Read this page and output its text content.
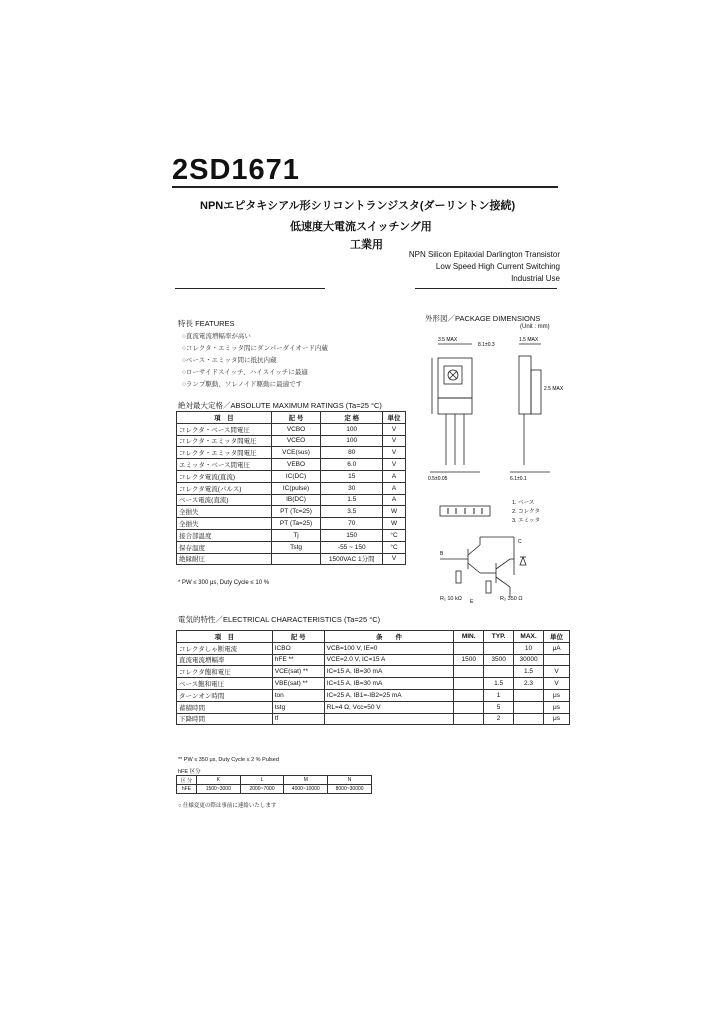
2SD1671
NPNエピタキシアル形シリコントランジスタ(ダーリントン接続)
低速度大電流スイッチング用
工業用
NPN Silicon Epitaxial Darlington Transistor
Low Speed High Current Switching
Industrial Use
特長 FEATURES
○直流電流増幅率が高い
○コレクタ・エミッタ間にダンパーダイオード内蔵
○ベース・エミッタ間に抵抗内蔵
○ローサイドスイッチ、ハイスイッチに最適
○ランプ駆動、ソレノイド駆動に最適です
絶対最大定格／ABSOLUTE MAXIMUM RATINGS (Ta=25 °C)
項　目	記 号	定 格	単位
コレクタ・ベース間電圧	VCBO	100	V
コレクタ・エミッタ間電圧	VCEO	100	V
コレクタ・エミッタ間電圧	VCE(sus)	80	V
エミッタ・ベース間電圧	VEBO	6.0	V
コレクタ電流(直流)	IC(DC)	15	A
コレクタ電流(パルス)	IC(pulse)	30	A
ベース電流(直流)	IB(DC)	1.5	A
全損失	PT (Tc=25)	3.5	W
全損失	PT (Ta=25)	70	W
接合部温度	Tj	150	°C
保存温度	Tstg	-55 ~ 150	°C
絶縁耐圧		1500VAC 1分間	V
* PW ≤ 300 μs, Duty Cycle ≤ 10 %
外形図／PACKAGE DIMENSIONS
(Unit : mm)
3.5 MAX
8.1±0.3
1.5 MAX
2.5 MAX
0.5±0.05	6.1±0.1
1. ベース
2. コレクタ
3. エミッタ
E
B
C
R₁ 10 kΩ	R₂ 350 Ω
電気的特性／ELECTRICAL CHARACTERISTICS (Ta=25 °C)
項　目	記 号	条　　件	MIN.	TYP.	MAX.	単位
コレクタしゃ断電流	ICBO	VCB=100 V, IE=0			10	μA
直流電流増幅率	hFE **	VCE=2.0 V, IC=15 A	1500	3500	30000	
コレクタ飽和電圧	VCE(sat) **	IC=15 A, IB=30 mA			1.5	V
ベース飽和電圧	VBE(sat) **	IC=15 A, IB=30 mA		1.5	2.3	V
ターンオン時間	ton	IC=25 A, IB1=-IB2=25 mA		1		μs
蓄積時間	tstg	RL=4 Ω, Vcc=50 V		5		μs
下降時間	tf			2		μs
** PW ≤ 350 μs, Duty Cycle ≤ 2 % Pulsed
hFE 区分
区 分	K	L	M	N
hFE	1500~3000	2000~7000	4000~10000	8000~30000
○ 仕様変更の際は事前に連絡いたします
